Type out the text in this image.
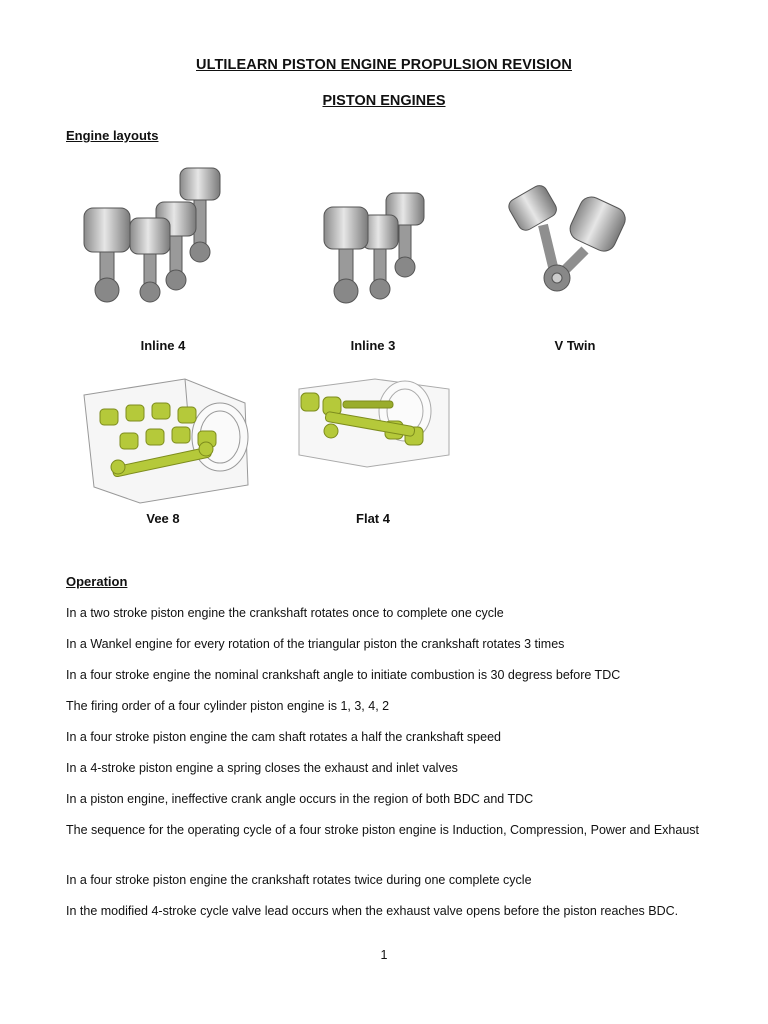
ULTILEARN PISTON ENGINE PROPULSION REVISION
PISTON ENGINES
Engine layouts
Inline 4	Inline 3	V Twin
Vee 8	Flat 4
Operation
In a two stroke piston engine the crankshaft rotates once to complete one cycle
In a Wankel engine for every rotation of the triangular piston the crankshaft rotates 3 times
In a four stroke engine the nominal crankshaft angle to initiate combustion is 30 degress before TDC
The firing order of a four cylinder piston engine is 1, 3, 4, 2
In a four stroke piston engine the cam shaft rotates a half the crankshaft speed
In a 4-stroke piston engine a spring closes the exhaust and inlet valves
In a piston engine, ineffective crank angle occurs in the region of both BDC and TDC
The sequence for the operating cycle of a four stroke piston engine is Induction, Compression, Power and Exhaust
In a four stroke piston engine the crankshaft rotates twice during one complete cycle
In the modified 4-stroke cycle valve lead occurs when the exhaust valve opens before the piston reaches BDC.
1
